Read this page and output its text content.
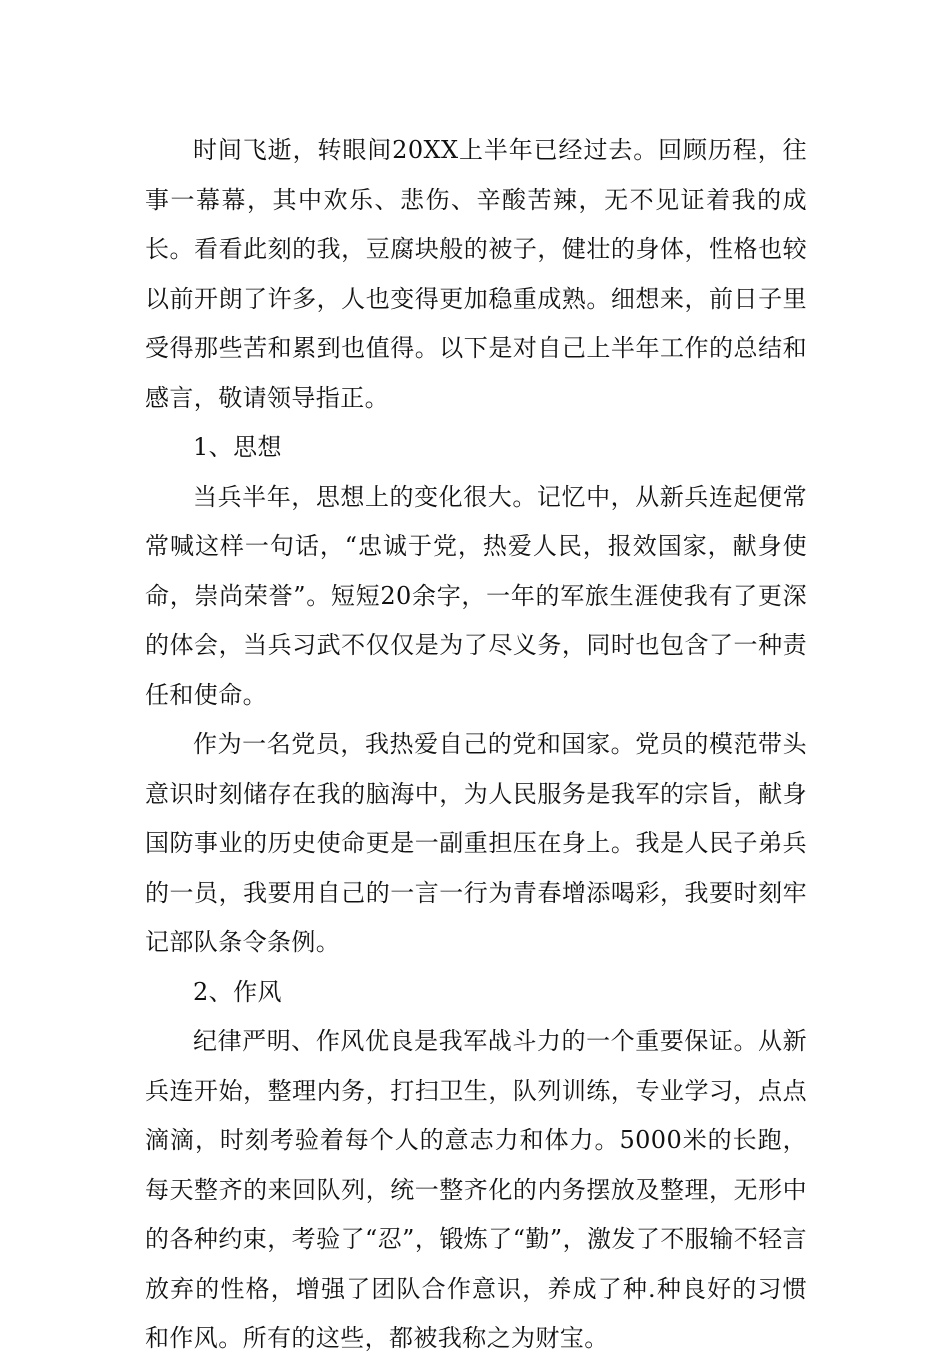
时间飞逝，转眼间20XX上半年已经过去。回顾历程，往事一幕幕，其中欢乐、悲伤、辛酸苦辣，无不见证着我的成长。看看此刻的我，豆腐块般的被子，健壮的身体，性格也较以前开朗了许多，人也变得更加稳重成熟。细想来，前日子里受得那些苦和累到也值得。以下是对自己上半年工作的总结和感言，敬请领导指正。

1、思想

当兵半年，思想上的变化很大。记忆中，从新兵连起便常常喊这样一句话，“忠诚于党，热爱人民，报效国家，献身使命，崇尚荣誉”。短短20余字，一年的军旅生涯使我有了更深的体会，当兵习武不仅仅是为了尽义务，同时也包含了一种责任和使命。

作为一名党员，我热爱自己的党和国家。党员的模范带头意识时刻储存在我的脑海中，为人民服务是我军的宗旨，献身国防事业的历史使命更是一副重担压在身上。我是人民子弟兵的一员，我要用自己的一言一行为青春增添喝彩，我要时刻牢记部队条令条例。

2、作风

纪律严明、作风优良是我军战斗力的一个重要保证。从新兵连开始，整理内务，打扫卫生，队列训练，专业学习，点点滴滴，时刻考验着每个人的意志力和体力。5000米的长跑，每天整齐的来回队列，统一整齐化的内务摆放及整理，无形中的各种约束，考验了“忍”，锻炼了“勤”，激发了不服输不轻言放弃的性格，增强了团队合作意识，养成了种.种良好的习惯和作风。所有的这些，都被我称之为财宝。
